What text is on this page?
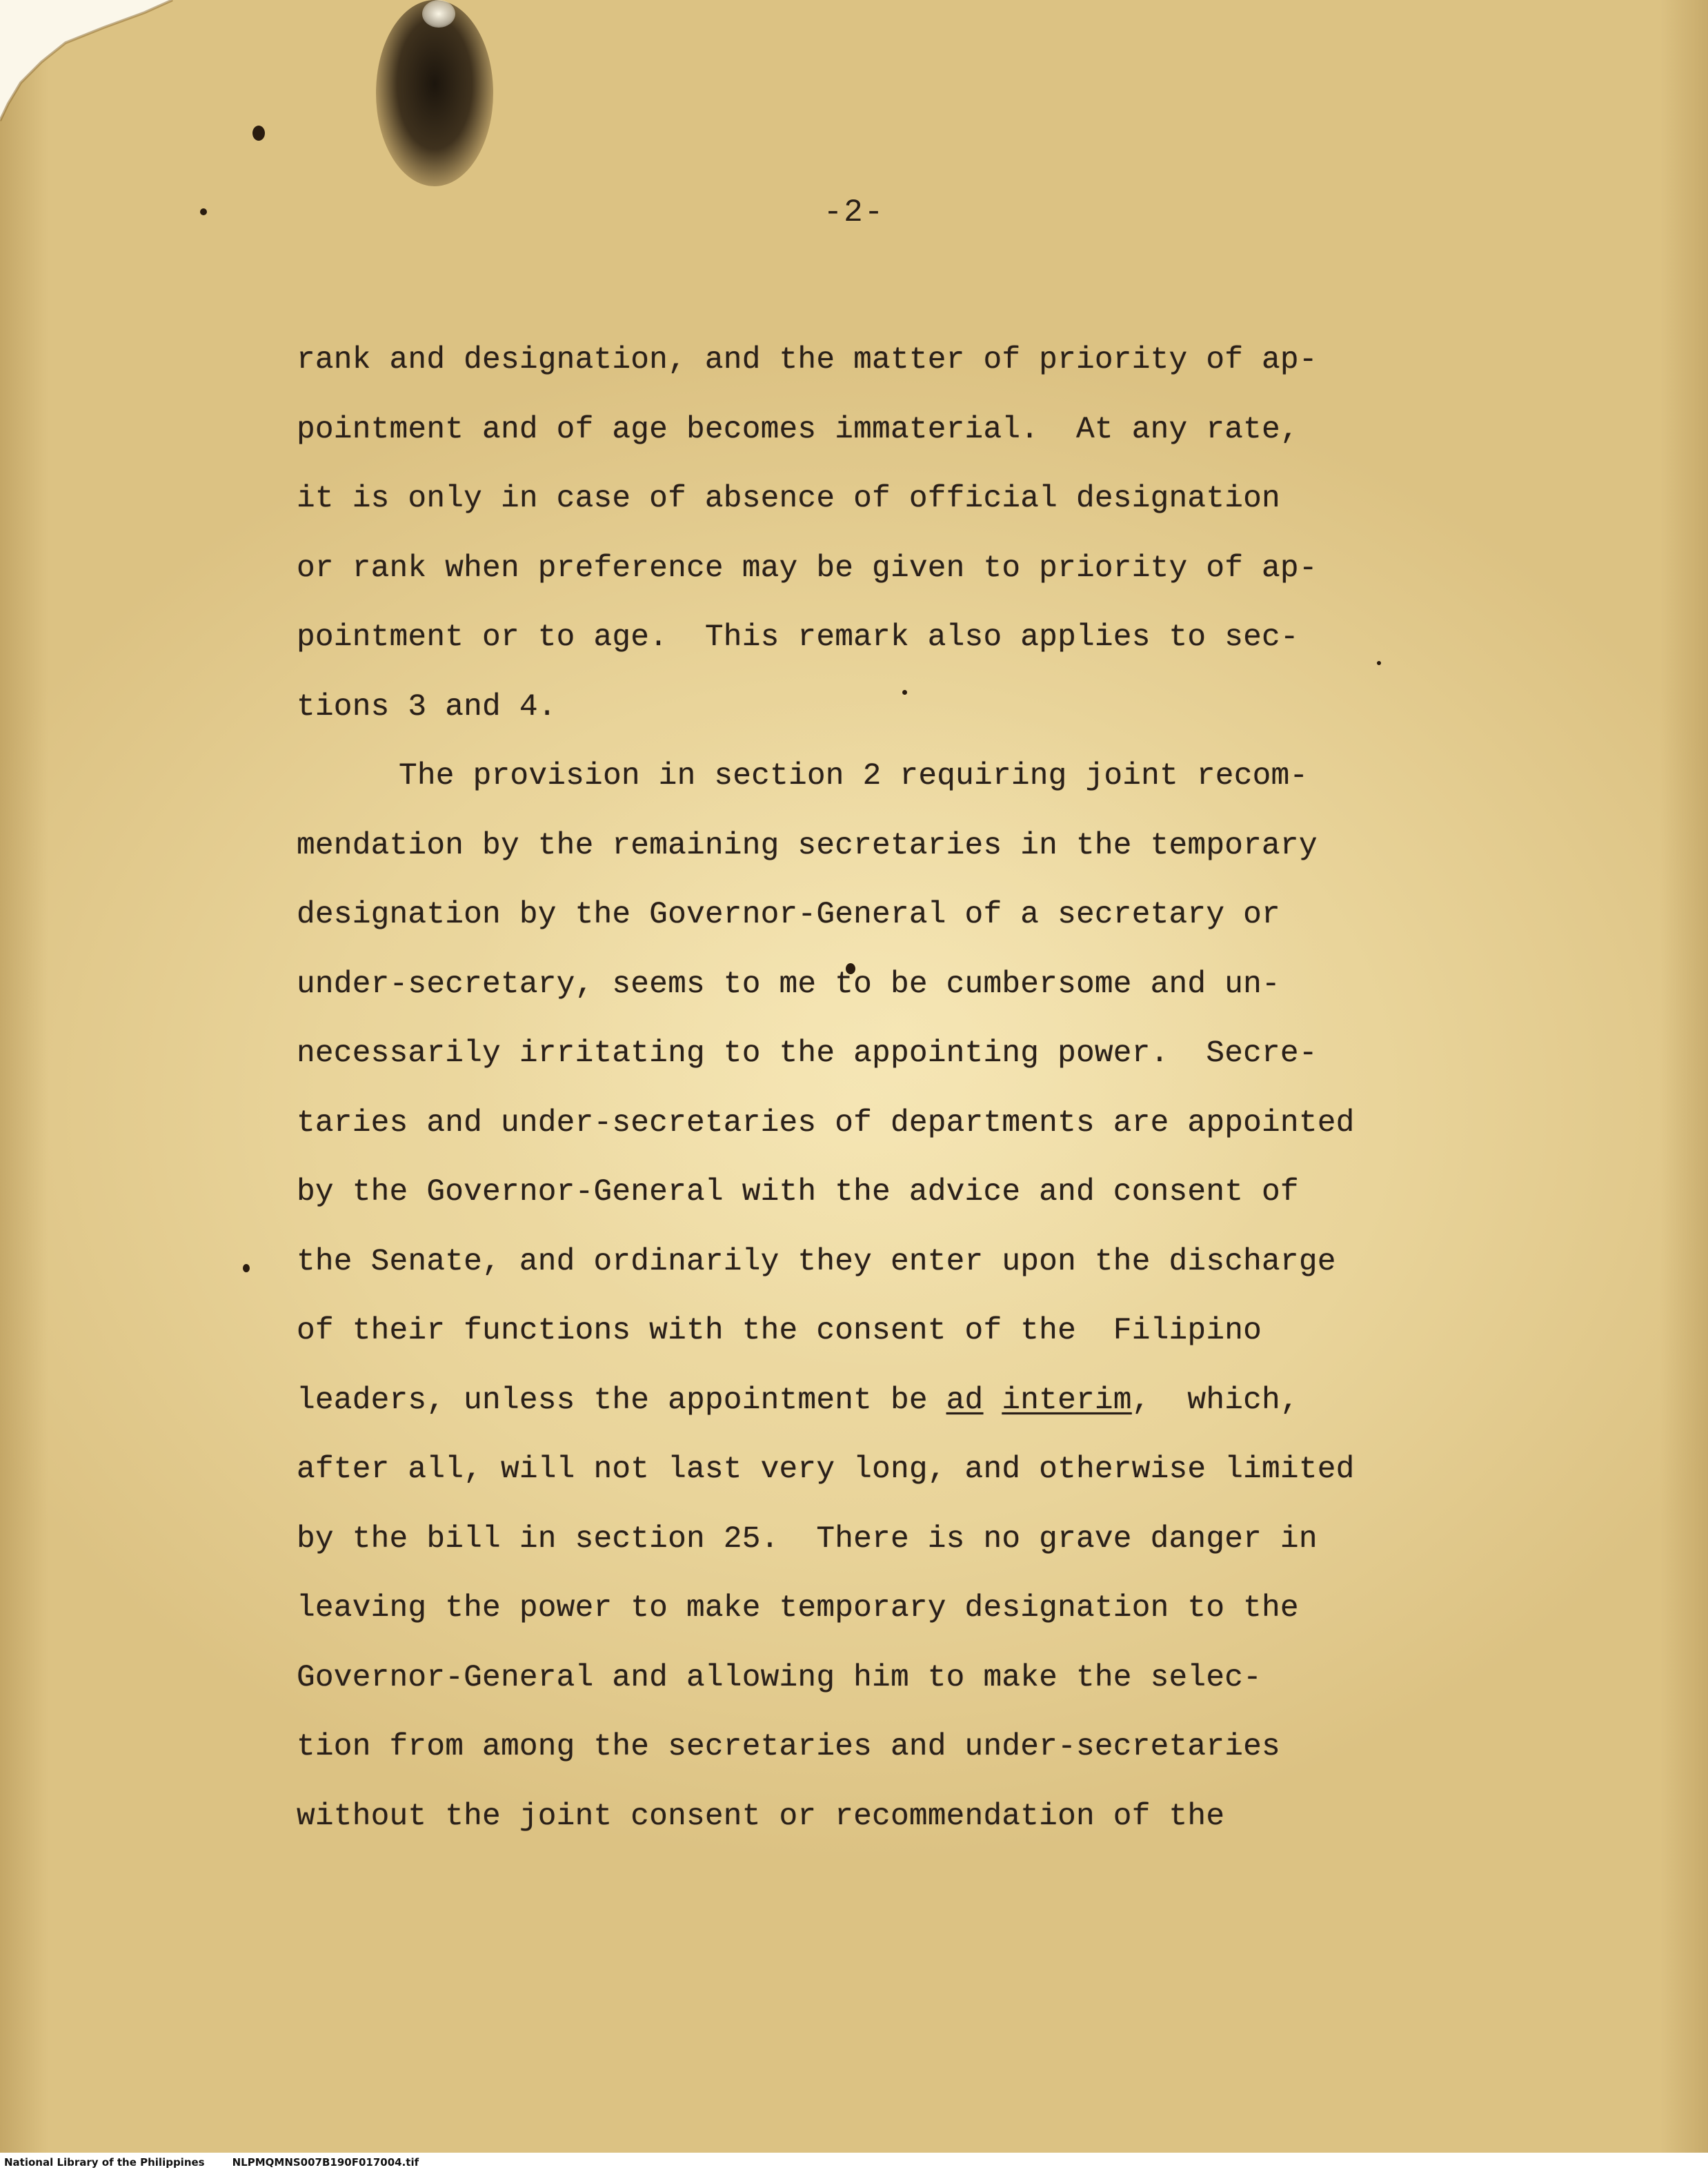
-2-
rank and designation, and the matter of priority of ap-
pointment and of age becomes immaterial.  At any rate,
it is only in case of absence of official designation
or rank when preference may be given to priority of ap-
pointment or to age.  This remark also applies to sec-
tions 3 and 4.
The provision in section 2 requiring joint recom-
mendation by the remaining secretaries in the temporary
designation by the Governor-General of a secretary or
under-secretary, seems to me to be cumbersome and un-
necessarily irritating to the appointing power.  Secre-
taries and under-secretaries of departments are appointed
by the Governor-General with the advice and consent of
the Senate, and ordinarily they enter upon the discharge
of their functions with the consent of the  Filipino
leaders, unless the appointment be ad interim,  which,
after all, will not last very long, and otherwise limited
by the bill in section 25.  There is no grave danger in
leaving the power to make temporary designation to the
Governor-General and allowing him to make the selec-
tion from among the secretaries and under-secretaries
without the joint consent or recommendation of the
National Library of the Philippines	NLPMQMNS007B190F017004.tif
